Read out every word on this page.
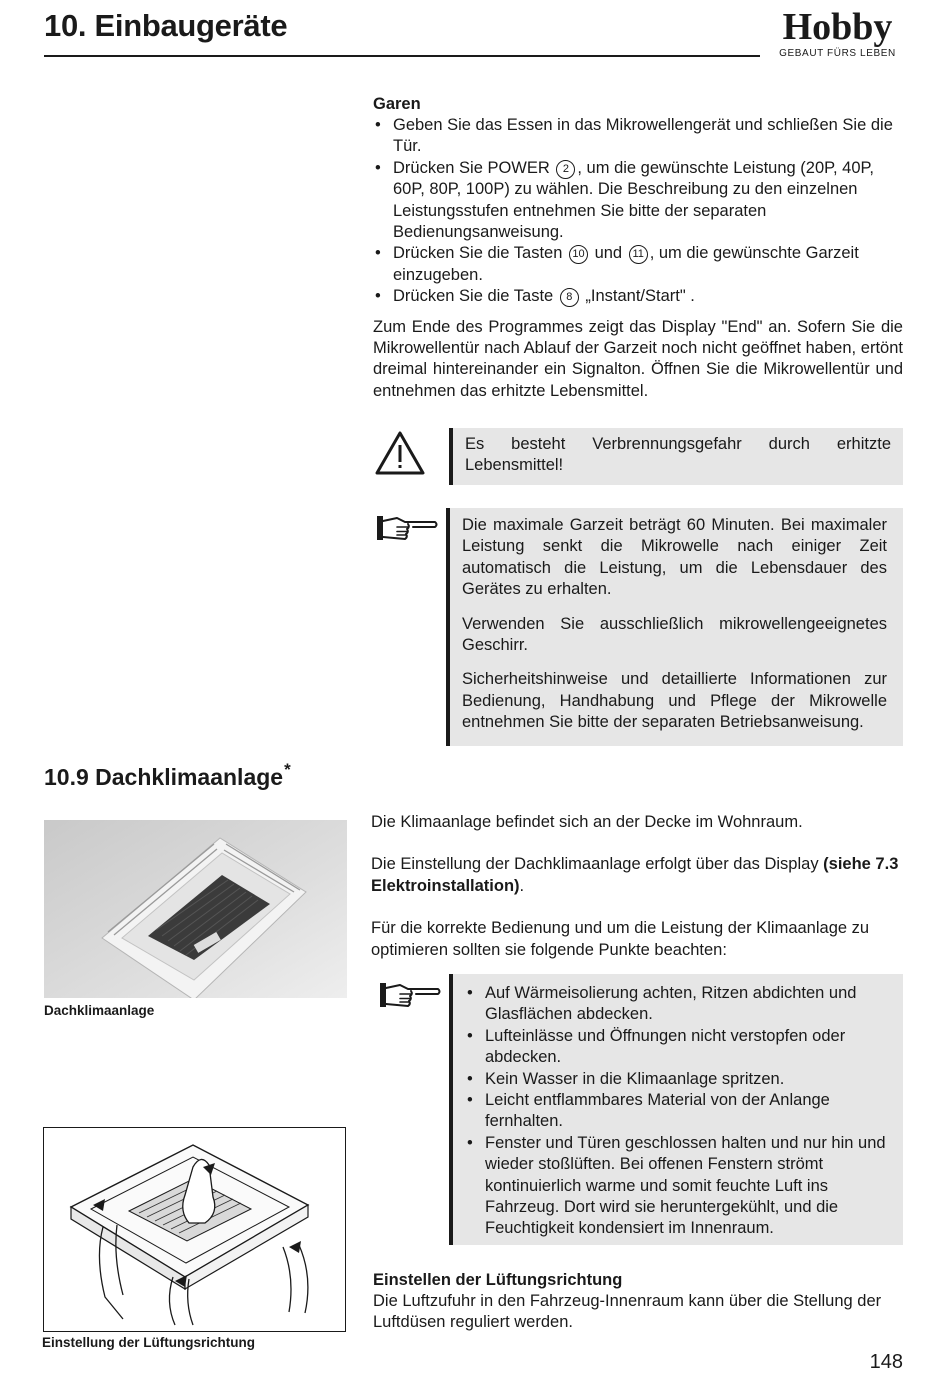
10. Einbaugeräte	Hobby
GEBAUT FÜRS LEBEN
Garen
• Geben Sie das Essen in das Mikrowellengerät und schließen Sie die Tür.
• Drücken Sie POWER 2 , um die gewünschte Leistung (20P, 40P, 60P, 80P, 100P) zu wählen. Die Beschreibung zu den einzelnen Leistungsstufen entnehmen Sie bitte der separaten Bedienungsanweisung.
• Drücken Sie die Tasten 10 und 11 , um die gewünschte Garzeit einzugeben.
• Drücken Sie die Taste 8 „Instant/Start" .
Zum Ende des Programmes zeigt das Display "End" an. Sofern Sie die Mikrowellentür nach Ablauf der Garzeit noch nicht geöffnet haben, ertönt dreimal hintereinander ein Signalton. Öffnen Sie die Mikrowellentür und entnehmen das erhitzte Lebensmittel.

Es besteht Verbrennungsgefahr durch erhitzte Lebensmittel!

Die maximale Garzeit beträgt 60 Minuten. Bei maximaler Leistung senkt die Mikrowelle nach einiger Zeit automatisch die Leistung, um die Lebensdauer des Gerätes zu erhalten.

Verwenden Sie ausschließlich mikrowellengeeignetes Geschirr.

Sicherheitshinweise und detaillierte Informationen zur Bedienung, Handhabung und Pflege der Mikrowelle entnehmen Sie bitte der separaten Betriebsanweisung.

10.9 Dachklimaanlage*
Dachklimaanlage
Die Klimaanlage befindet sich an der Decke im Wohnraum.
Die Einstellung der Dachklimaanlage erfolgt über das Display (siehe 7.3 Elektroinstallation).
Für die korrekte Bedienung und um die Leistung der Klimaanlage zu optimieren sollten sie folgende Punkte beachten:
• Auf Wärmeisolierung achten, Ritzen abdichten und Glasflächen abdecken.
• Lufteinlässe und Öffnungen nicht verstopfen oder abdecken.
• Kein Wasser in die Klimaanlage spritzen.
• Leicht entflammbares Material von der Anlange fernhalten.
• Fenster und Türen geschlossen halten und nur hin und wieder stoßlüften. Bei offenen Fenstern strömt kontinuierlich warme und somit feuchte Luft ins Fahrzeug. Dort wird sie heruntergekühlt, und die Feuchtigkeit kondensiert im Innenraum.
Einstellung der Lüftungsrichtung
Einstellen der Lüftungsrichtung
Die Luftzufuhr in den Fahrzeug-Innenraum kann über die Stellung der Luftdüsen reguliert werden.
148
